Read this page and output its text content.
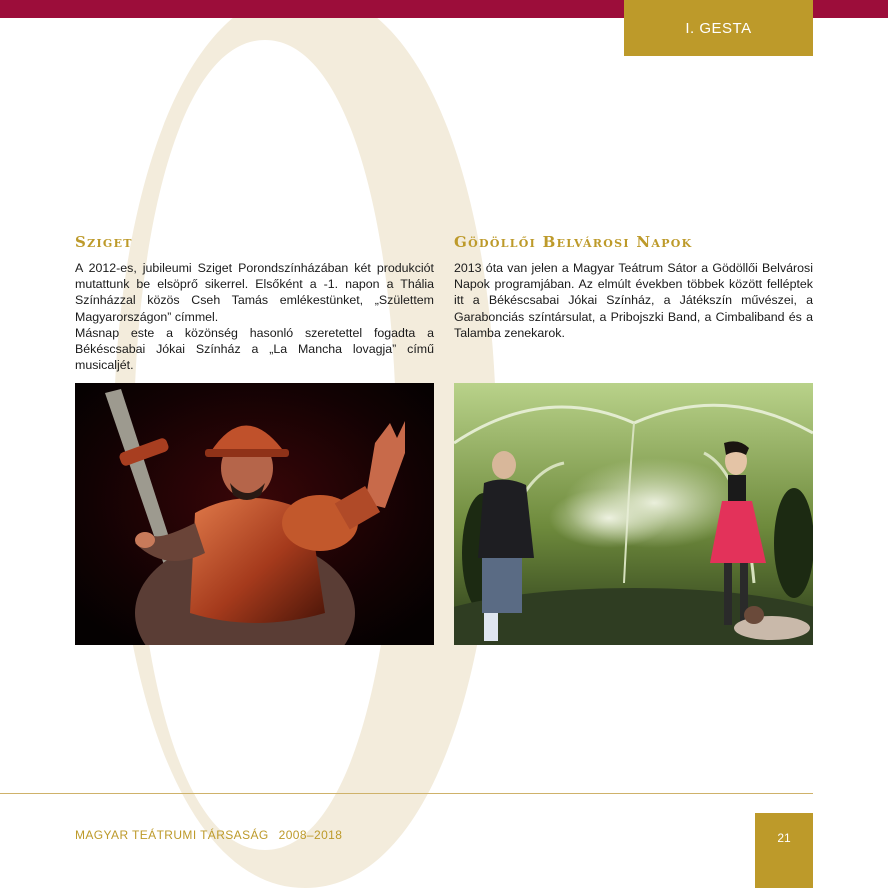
I. GESTA
Sziget

A 2012-es, jubileumi Sziget Porondszínházában két produkciót mutattunk be elsöprő sikerrel. Elsőként a -1. napon a Thália Színházzal közös Cseh Tamás emlékestünket, „Születtem Magyarországon” címmel.

Másnap este a közönség hasonló szeretettel fogadta a Békéscsabai Jókai Színház a „La Mancha lovagja” című musicaljét.

Gödöllői Belvárosi Napok

2013 óta van jelen a Magyar Teátrum Sátor a Gödöllői Belvárosi Napok programjában. Az elmúlt években többek között felléptek itt a Békéscsabai Jókai Színház, a Játékszín művészei, a Garabonciás színtársulat, a Pribojszki Band, a Cimbaliband és a Talamba zenekarok.

MAGYAR TEÁTRUMI TÁRSASÁG 2008–2018	21
